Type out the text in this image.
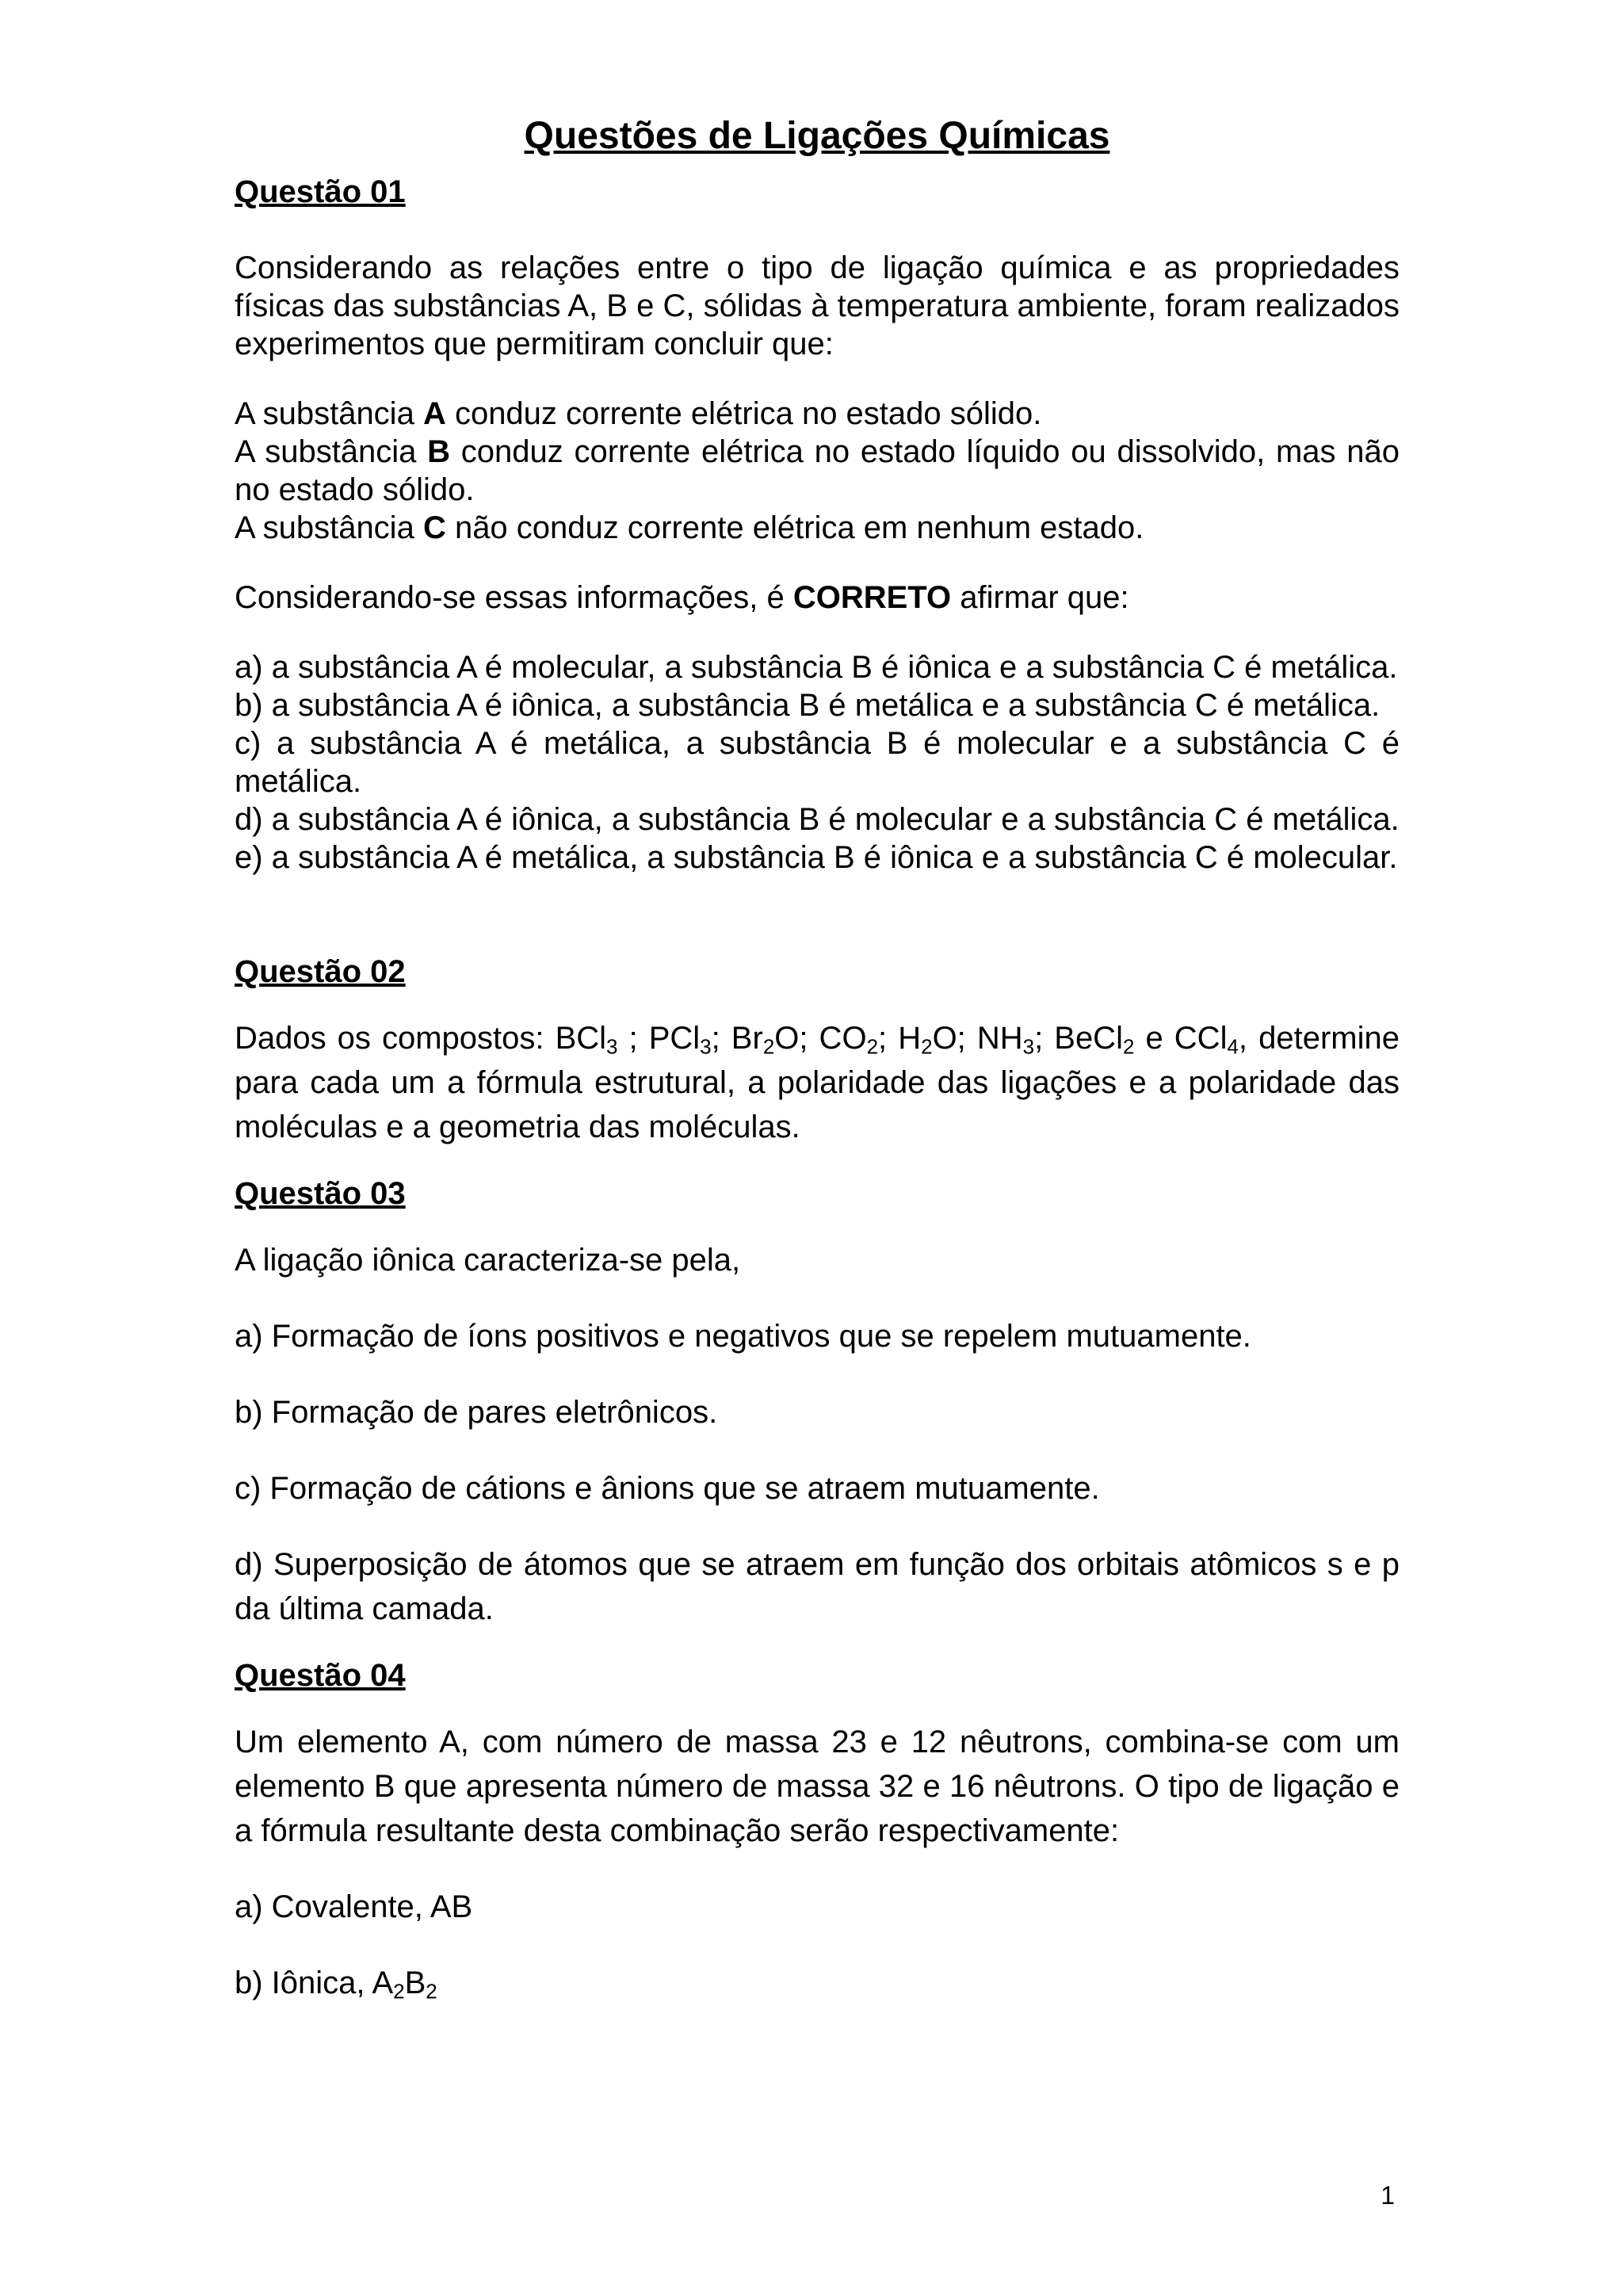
Questões de Ligações Químicas
Questão 01

Considerando as relações entre o tipo de ligação química e as propriedades físicas das substâncias A, B e C, sólidas à temperatura ambiente, foram realizados experimentos que permitiram concluir que:

A substância A conduz corrente elétrica no estado sólido.

A substância B conduz corrente elétrica no estado líquido ou dissolvido, mas não no estado sólido.

A substância C não conduz corrente elétrica em nenhum estado.

Considerando-se essas informações, é CORRETO afirmar que:

a) a substância A é molecular, a substância B é iônica e a substância C é metálica.

b) a substância A é iônica, a substância B é metálica e a substância C é metálica.

c) a substância A é metálica, a substância B é molecular e a substância C é metálica.

d) a substância A é iônica, a substância B é molecular e a substância C é metálica.

e) a substância A é metálica, a substância B é iônica e a substância C é molecular.

Questão 02

Dados os compostos: BCl$_3$ ; PCl$_3$; $Br_2O$; $CO_2$; $H_2O$; $NH_3$; BeCl$_2$ e CCl$_4$, determine para cada um a fórmula estrutural, a polaridade das ligações e a polaridade das moléculas e a geometria das moléculas.

Questão 03

A ligação iônica caracteriza-se pela,

a) Formação de íons positivos e negativos que se repelem mutuamente.

b) Formação de pares eletrônicos.

c) Formação de cátions e ânions que se atraem mutuamente.

d) Superposição de átomos que se atraem em função dos orbitais atômicos s e p da última camada.

Questão 04

Um elemento A, com número de massa 23 e 12 nêutrons, combina-se com um elemento B que apresenta número de massa 32 e 16 nêutrons. O tipo de ligação e a fórmula resultante desta combinação serão respectivamente:

a) Covalente, AB

b) Iônica, $A_2B_2$

1
